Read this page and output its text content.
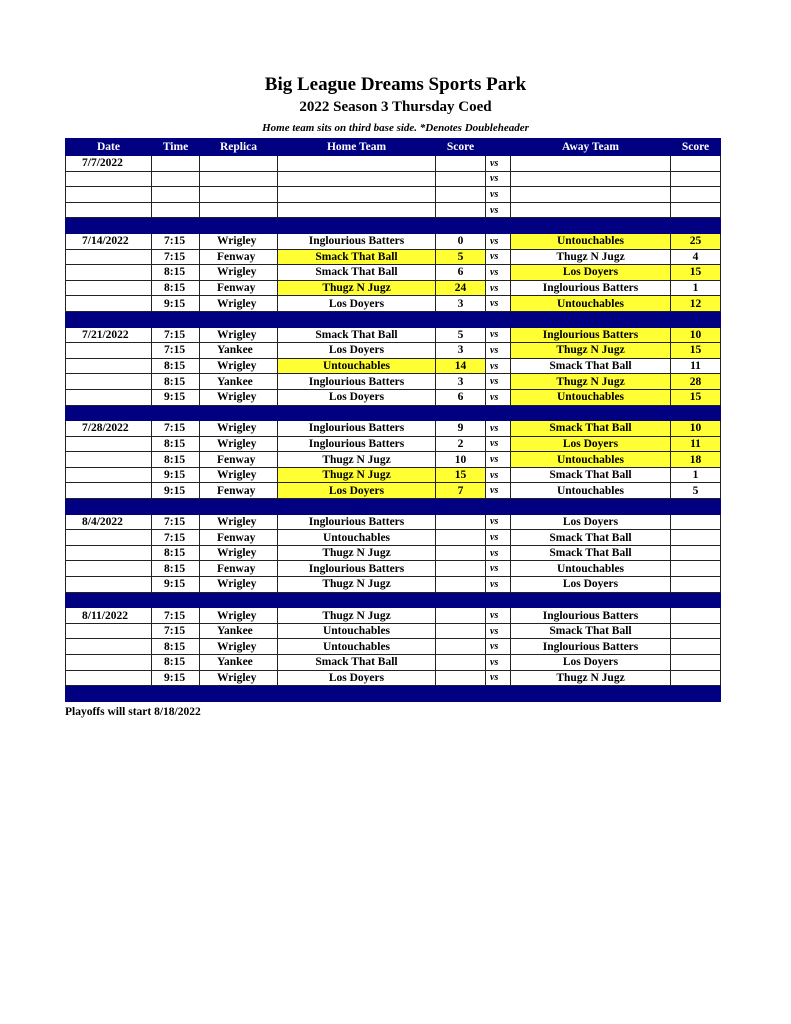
Big League Dreams Sports Park
2022 Season 3 Thursday Coed
Home team sits on third base side. *Denotes Doubleheader
Date	Time	Replica	Home Team	Score		Away Team	Score
7/7/2022					vs		
					vs		
					vs		
					vs		

7/14/2022	7:15	Wrigley	Inglourious Batters	0	vs	Untouchables	25
	7:15	Fenway	Smack That Ball	5	vs	Thugz N Jugz	4
	8:15	Wrigley	Smack That Ball	6	vs	Los Doyers	15
	8:15	Fenway	Thugz N Jugz	24	vs	Inglourious Batters	1
	9:15	Wrigley	Los Doyers	3	vs	Untouchables	12

7/21/2022	7:15	Wrigley	Smack That Ball	5	vs	Inglourious Batters	10
	7:15	Yankee	Los Doyers	3	vs	Thugz N Jugz	15
	8:15	Wrigley	Untouchables	14	vs	Smack That Ball	11
	8:15	Yankee	Inglourious Batters	3	vs	Thugz N Jugz	28
	9:15	Wrigley	Los Doyers	6	vs	Untouchables	15

7/28/2022	7:15	Wrigley	Inglourious Batters	9	vs	Smack That Ball	10
	8:15	Wrigley	Inglourious Batters	2	vs	Los Doyers	11
	8:15	Fenway	Thugz N Jugz	10	vs	Untouchables	18
	9:15	Wrigley	Thugz N Jugz	15	vs	Smack That Ball	1
	9:15	Fenway	Los Doyers	7	vs	Untouchables	5

8/4/2022	7:15	Wrigley	Inglourious Batters		vs	Los Doyers	
	7:15	Fenway	Untouchables		vs	Smack That Ball	
	8:15	Wrigley	Thugz N Jugz		vs	Smack That Ball	
	8:15	Fenway	Inglourious Batters		vs	Untouchables	
	9:15	Wrigley	Thugz N Jugz		vs	Los Doyers	

8/11/2022	7:15	Wrigley	Thugz N Jugz		vs	Inglourious Batters	
	7:15	Yankee	Untouchables		vs	Smack That Ball	
	8:15	Wrigley	Untouchables		vs	Inglourious Batters	
	8:15	Yankee	Smack That Ball		vs	Los Doyers	
	9:15	Wrigley	Los Doyers		vs	Thugz N Jugz	

Playoffs will start 8/18/2022
